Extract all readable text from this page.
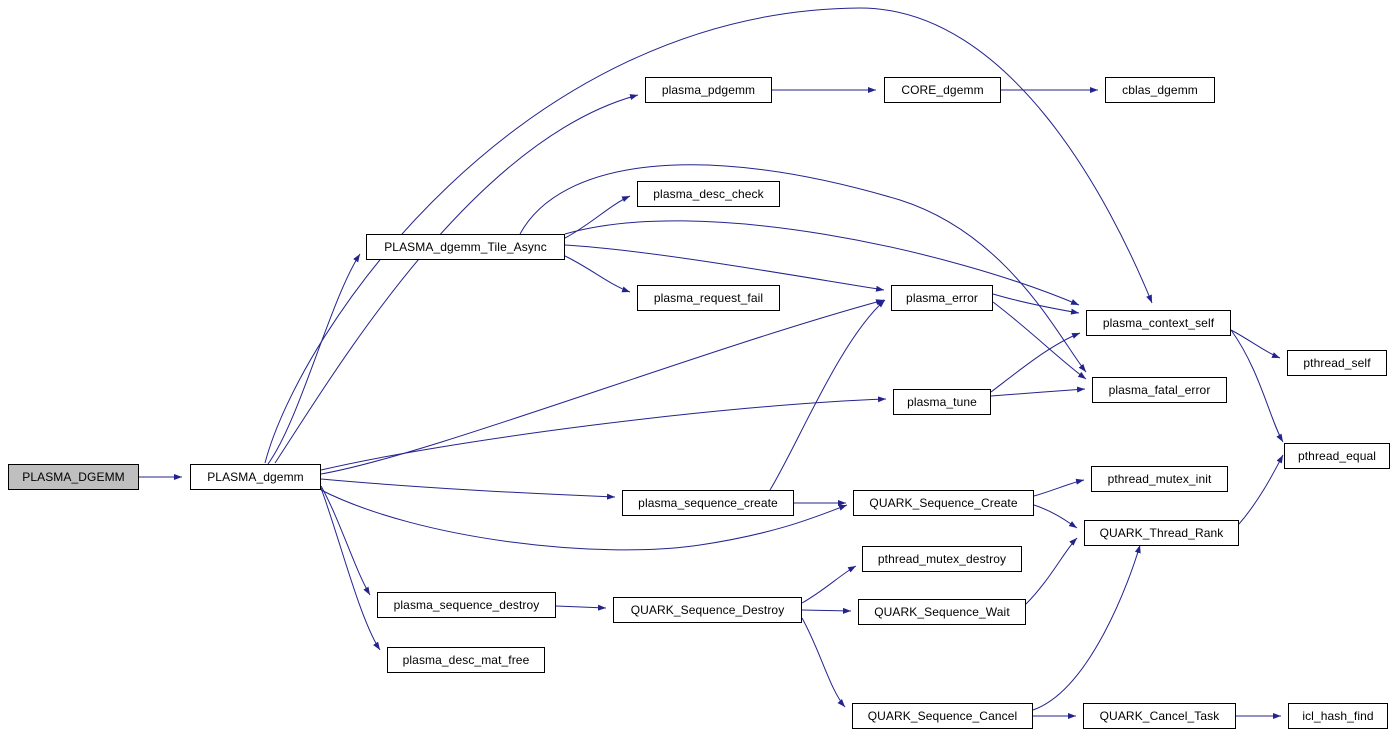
PLASMA_DGEMM	PLASMA_dgemm
PLASMA_dgemm_Tile_Async
plasma_pdgemm	CORE_dgemm	cblas_dgemm
plasma_desc_check
plasma_request_fail	plasma_error
plasma_context_self
pthread_self
plasma_fatal_error
pthread_equal
plasma_tune
plasma_sequence_create	QUARK_Sequence_Create
pthread_mutex_init
QUARK_Thread_Rank
pthread_mutex_destroy
plasma_sequence_destroy	QUARK_Sequence_Destroy	QUARK_Sequence_Wait
plasma_desc_mat_free
QUARK_Sequence_Cancel	QUARK_Cancel_Task	icl_hash_find
